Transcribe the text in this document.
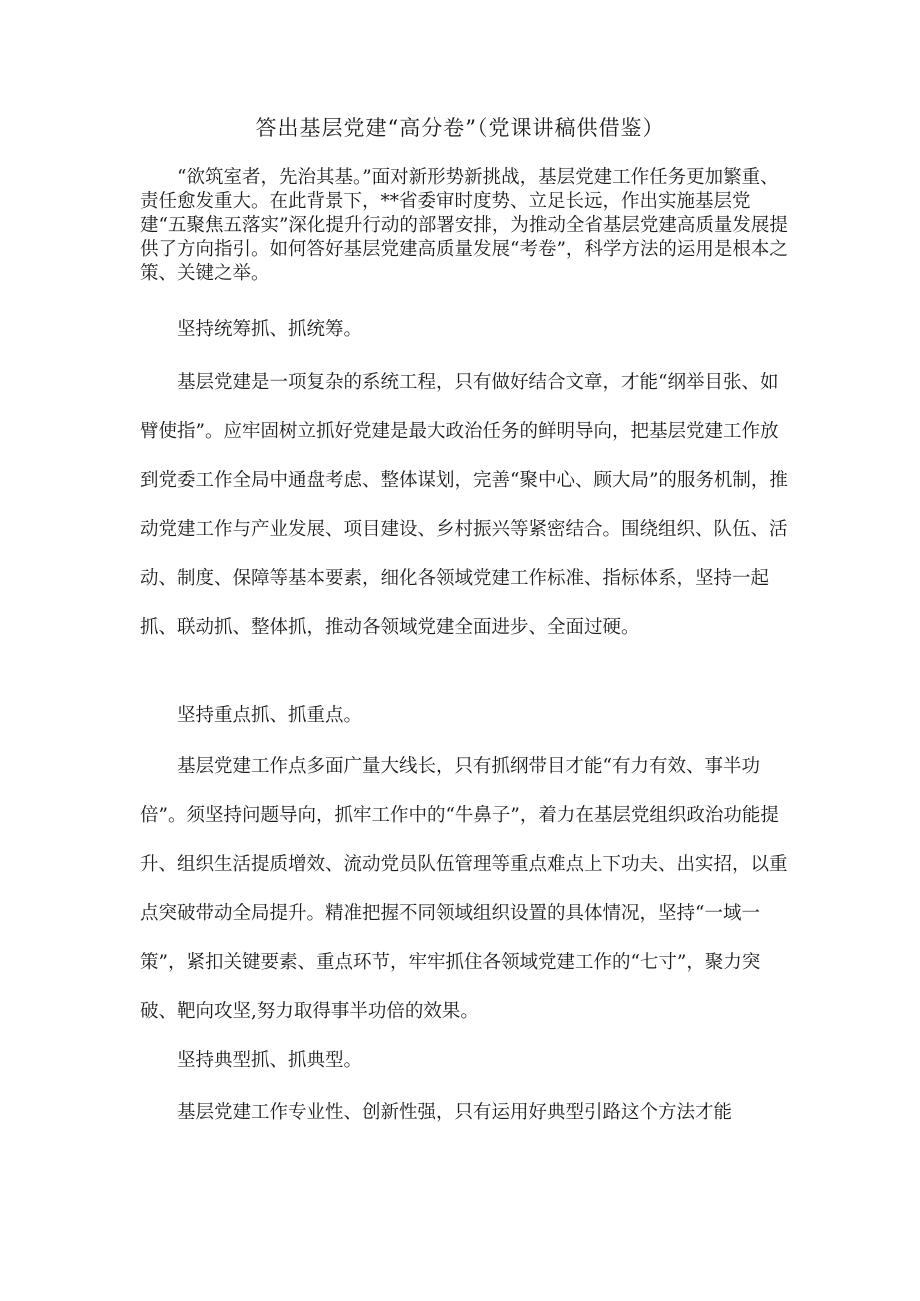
答出基层党建“高分卷”（党课讲稿供借鉴）

“欲筑室者，先治其基。”面对新形势新挑战，基层党建工作任务更加繁重、责任愈发重大。在此背景下，**省委审时度势、立足长远，作出实施基层党建“五聚焦五落实”深化提升行动的部署安排，为推动全省基层党建高质量发展提供了方向指引。如何答好基层党建高质量发展“考卷”，科学方法的运用是根本之策、关键之举。

坚持统筹抓、抓统筹。

基层党建是一项复杂的系统工程，只有做好结合文章，才能“纲举目张、如臂使指”。应牢固树立抓好党建是最大政治任务的鲜明导向，把基层党建工作放到党委工作全局中通盘考虑、整体谋划，完善“聚中心、顾大局”的服务机制，推动党建工作与产业发展、项目建设、乡村振兴等紧密结合。围绕组织、队伍、活动、制度、保障等基本要素，细化各领域党建工作标准、指标体系，坚持一起抓、联动抓、整体抓，推动各领域党建全面进步、全面过硬。

坚持重点抓、抓重点。

基层党建工作点多面广量大线长，只有抓纲带目才能“有力有效、事半功倍”。须坚持问题导向，抓牢工作中的“牛鼻子”，着力在基层党组织政治功能提升、组织生活提质增效、流动党员队伍管理等重点难点上下功夫、出实招，以重点突破带动全局提升。精准把握不同领域组织设置的具体情况，坚持“一域一策”，紧扣关键要素、重点环节，牢牢抓住各领域党建工作的“七寸”，聚力突破、靶向攻坚,努力取得事半功倍的效果。

坚持典型抓、抓典型。

基层党建工作专业性、创新性强，只有运用好典型引路这个方法才能
